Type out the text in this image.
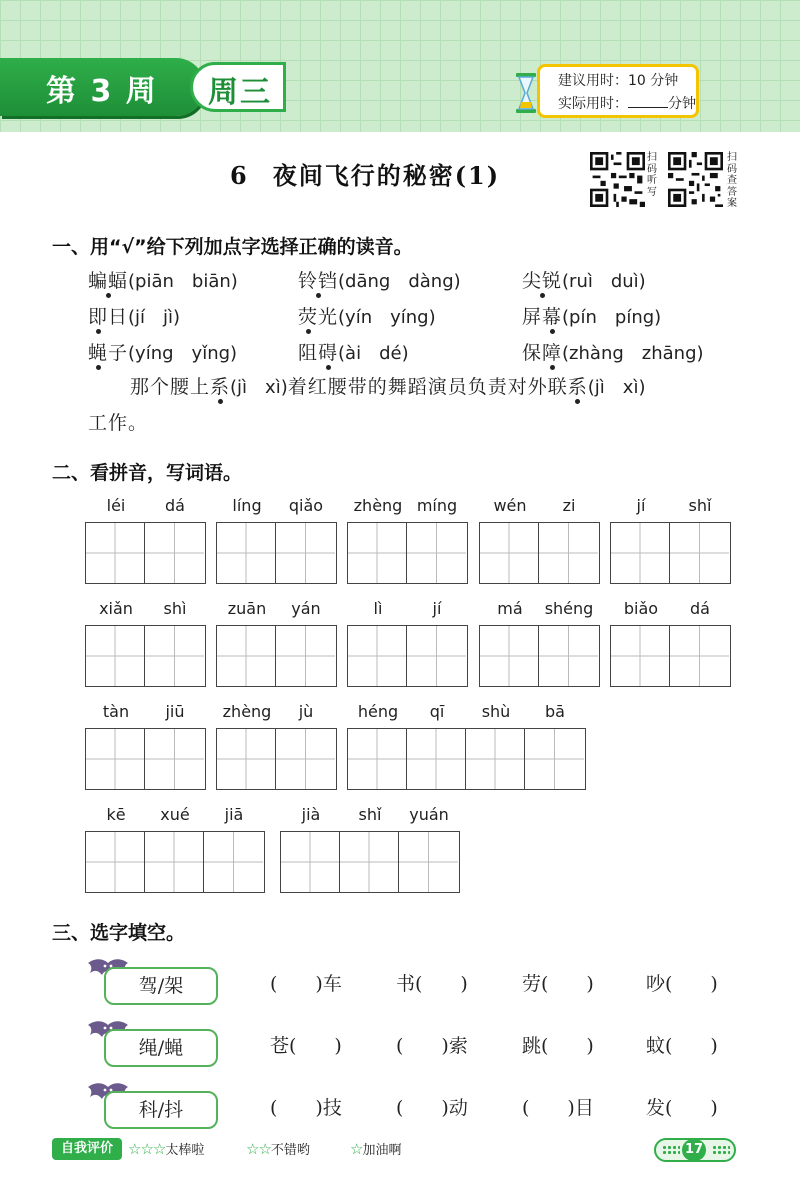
第 3 周 周三	建议用时：10 分钟
实际用时：	分钟
6 夜间飞行的秘密(1)
扫码听写
扫码查答案
一、用“√”给下列加点字选择正确的读音。
蝙蝠(piān　biān)	铃铛(dāng　dàng)	尖锐(ruì　duì)
即日(jí　jì)	荧光(yín　yíng)	屏幕(pín　píng)
蝇子(yíng　yǐng)	阻碍(ài　dé)	保障(zhàng　zhāng)
那个腰上系(jì　xì)着红腰带的舞蹈演员负责对外联系(jì　xì)
工作。
二、看拼音，写词语。
léi	dá	líng	qiǎo	zhèng míng	wén	zi	jí	shǐ
xiǎn	shì	zuān	yán	lì	jí	má	shéng	biǎo	dá
tàn	jiū	zhèng	jù	héng	qī	shù	bā
kē	xué	jiā	jià	shǐ	yuán
三、选字填空。
驾/架	(　　)车	书(　　)	劳(　　)	吵(　　)
绳/蝇	苍(　　)	(　　)索	跳(　　)	蚊(　　)
科/抖	(　　)技	(　　)动	(　　)目	发(　　)
自我评价	☆☆☆太棒啦	☆☆不错哟	☆加油啊	17
